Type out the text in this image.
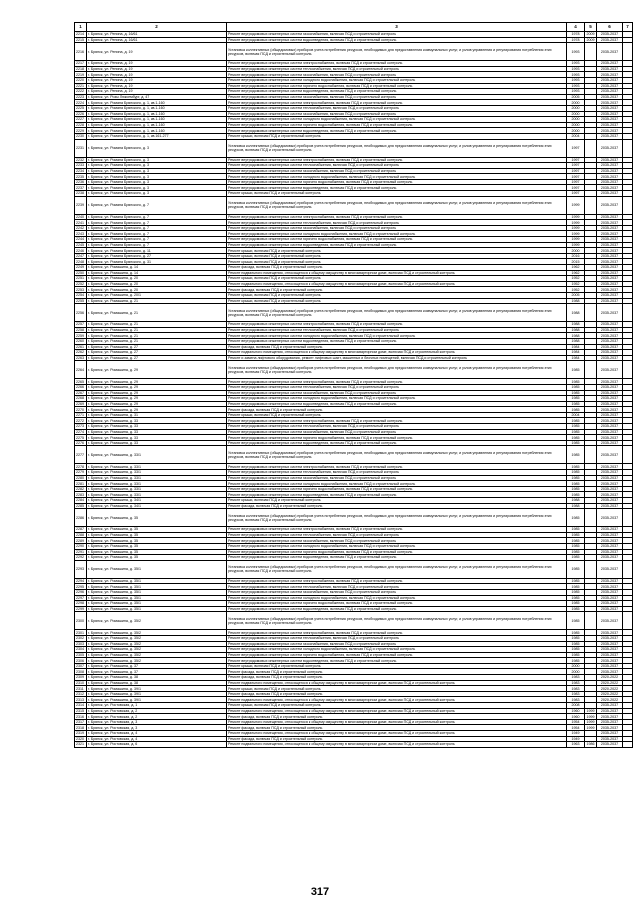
1	2	3	4	5	6	7
2214	г. Брянск, ул. Репина, д. 16/61	Ремонт внутридомовых инженерных систем газоснабжения, включая ПСД и строительный контроль	1978	2009	2035-2037	
2215	г. Брянск, ул. Репина, д. 16/61	Ремонт внутридомовых инженерных систем водоотведения, включая ПСД и строительный контроль	1978	2009	2035-2037	
2216	г. Брянск, ул. Репина, д. 19	Установка коллективных (общедомовых) приборов учета потребления ресурсов, необходимых для предоставления коммунальных услуг, и узлов управления и регулирования потребления этих ресурсов, включая ПСД и строительный контроль	1993		2035-2037	
2217	г. Брянск, ул. Репина, д. 19	Ремонт внутридомовых инженерных систем электроснабжения, включая ПСД и строительный контроль	1993		2035-2037	
2218	г. Брянск, ул. Репина, д. 19	Ремонт внутридомовых инженерных систем теплоснабжения, включая ПСД и строительный контроль	1993		2035-2037	
2219	г. Брянск, ул. Репина, д. 19	Ремонт внутридомовых инженерных систем газоснабжения, включая ПСД и строительный контроль	1993		2035-2037	
2220	г. Брянск, ул. Репина, д. 19	Ремонт внутридомовых инженерных систем холодного водоснабжения, включая ПСД и строительный контроль	1993		2035-2037	
2221	г. Брянск, ул. Репина, д. 19	Ремонт внутридомовых инженерных систем горячего водоснабжения, включая ПСД и строительный контроль	1993		2035-2037	
2222	г. Брянск, ул. Репина, д. 19	Ремонт внутридомовых инженерных систем водоотведения, включая ПСД и строительный контроль	1993		2035-2037	
2223	г. Брянск, ул. Розы Люксембург, д. 47	Ремонт внутридомовых инженерных систем газоснабжения, включая ПСД и строительный контроль	2005		2035-2037	
2224	г. Брянск, ул. Романа Брянского, д. 1, кв.1-160	Ремонт внутридомовых инженерных систем электроснабжения, включая ПСД и строительный контроль	2000		2035-2037	
2225	г. Брянск, ул. Романа Брянского, д. 1, кв.1-160	Ремонт внутридомовых инженерных систем теплоснабжения, включая ПСД и строительный контроль	2000		2035-2037	
2226	г. Брянск, ул. Романа Брянского, д. 1, кв.1-160	Ремонт внутридомовых инженерных систем газоснабжения, включая ПСД и строительный контроль	2000		2035-2037	
2227	г. Брянск, ул. Романа Брянского, д. 1, кв.1-160	Ремонт внутридомовых инженерных систем холодного водоснабжения, включая ПСД и строительный контроль	2000		2035-2037	
2228	г. Брянск, ул. Романа Брянского, д. 1, кв.1-160	Ремонт внутридомовых инженерных систем горячего водоснабжения, включая ПСД и строительный контроль	2000		2035-2037	
2229	г. Брянск, ул. Романа Брянского, д. 1, кв.1-160	Ремонт внутридомовых инженерных систем водоотведения, включая ПСД и строительный контроль	2000		2035-2037	
2230	г. Брянск, ул. Романа Брянского, д. 1, кв.161-277	Ремонт крыши, включая ПСД и строительный контроль	2004		2035-2037	
2231	г. Брянск, ул. Романа Брянского, д. 3	Установка коллективных (общедомовых) приборов учета потребления ресурсов, необходимых для предоставления коммунальных услуг, и узлов управления и регулирования потребления этих ресурсов, включая ПСД и строительный контроль	1997		2035-2037	
2232	г. Брянск, ул. Романа Брянского, д. 3	Ремонт внутридомовых инженерных систем электроснабжения, включая ПСД и строительный контроль	1997		2035-2037	
2233	г. Брянск, ул. Романа Брянского, д. 3	Ремонт внутридомовых инженерных систем теплоснабжения, включая ПСД и строительный контроль	1997		2035-2037	
2234	г. Брянск, ул. Романа Брянского, д. 3	Ремонт внутридомовых инженерных систем газоснабжения, включая ПСД и строительный контроль	1997		2035-2037	
2235	г. Брянск, ул. Романа Брянского, д. 3	Ремонт внутридомовых инженерных систем холодного водоснабжения, включая ПСД и строительный контроль	1997		2035-2037	
2236	г. Брянск, ул. Романа Брянского, д. 3	Ремонт внутридомовых инженерных систем горячего водоснабжения, включая ПСД и строительный контроль	1997		2035-2037	
2237	г. Брянск, ул. Романа Брянского, д. 3	Ремонт внутридомовых инженерных систем водоотведения, включая ПСД и строительный контроль	1997		2035-2037	
2238	г. Брянск, ул. Романа Брянского, д. 3	Ремонт крыши, включая ПСД и строительный контроль	1997		2035-2037	
2239	г. Брянск, ул. Романа Брянского, д. 7	Установка коллективных (общедомовых) приборов учета потребления ресурсов, необходимых для предоставления коммунальных услуг, и узлов управления и регулирования потребления этих ресурсов, включая ПСД и строительный контроль	1999		2035-2037	
2240	г. Брянск, ул. Романа Брянского, д. 7	Ремонт внутридомовых инженерных систем электроснабжения, включая ПСД и строительный контроль	1999		2035-2037	
2241	г. Брянск, ул. Романа Брянского, д. 7	Ремонт внутридомовых инженерных систем теплоснабжения, включая ПСД и строительный контроль	1999		2035-2037	
2242	г. Брянск, ул. Романа Брянского, д. 7	Ремонт внутридомовых инженерных систем газоснабжения, включая ПСД и строительный контроль	1999		2035-2037	
2243	г. Брянск, ул. Романа Брянского, д. 7	Ремонт внутридомовых инженерных систем холодного водоснабжения, включая ПСД и строительный контроль	1999		2035-2037	
2244	г. Брянск, ул. Романа Брянского, д. 7	Ремонт внутридомовых инженерных систем горячего водоснабжения, включая ПСД и строительный контроль	1999		2035-2037	
2245	г. Брянск, ул. Романа Брянского, д. 7	Ремонт внутридомовых инженерных систем водоотведения, включая ПСД и строительный контроль	1999		2035-2037	
2246	г. Брянск, ул. Романа Брянского, д. 11	Ремонт крыши, включая ПСД и строительный контроль	2000		2035-2037	
2247	г. Брянск, ул. Романа Брянского, д. 27	Ремонт крыши, включая ПСД и строительный контроль	2016		2035-2037	
2248	г. Брянск, ул. Романа Брянского, д. 31	Ремонт крыши, включая ПСД и строительный контроль	2015		2035-2037	
2249	г. Брянск, ул. Ромашина, д. 14	Ремонт фасада, включая ПСД и строительный контроль	1962		2035-2037	
2250	г. Брянск, ул. Ромашина, д. 14	Ремонт подвального помещения, относящегося к общему имуществу в многоквартирном доме, включая ПСД и строительный контроль	1962		2035-2037	
2251	г. Брянск, ул. Ромашина, д. 20	Ремонт крыши, включая ПСД и строительный контроль	1952		2035-2037	
2252	г. Брянск, ул. Ромашина, д. 20	Ремонт подвального помещения, относящегося к общему имуществу в многоквартирном доме, включая ПСД и строительный контроль	1952		2035-2037	
2253	г. Брянск, ул. Ромашина, д. 20	Ремонт фасада, включая ПСД и строительный контроль	1952		2035-2037	
2254	г. Брянск, ул. Ромашина, д. 20/1	Ремонт крыши, включая ПСД и строительный контроль	2005		2035-2037	
2255	г. Брянск, ул. Ромашина, д. 21	Ремонт крыши, включая ПСД и строительный контроль	1988		2035-2037	
2256	г. Брянск, ул. Ромашина, д. 21	Установка коллективных (общедомовых) приборов учета потребления ресурсов, необходимых для предоставления коммунальных услуг, и узлов управления и регулирования потребления этих ресурсов, включая ПСД и строительный контроль	1988		2035-2037	
2257	г. Брянск, ул. Ромашина, д. 21	Ремонт внутридомовых инженерных систем электроснабжения, включая ПСД и строительный контроль	1988		2035-2037	
2258	г. Брянск, ул. Ромашина, д. 21	Ремонт внутридомовых инженерных систем теплоснабжения, включая ПСД и строительный контроль	1988		2035-2037	
2259	г. Брянск, ул. Ромашина, д. 21	Ремонт внутридомовых инженерных систем холодного водоснабжения, включая ПСД и строительный контроль	1988		2035-2037	
2260	г. Брянск, ул. Ромашина, д. 21	Ремонт внутридомовых инженерных систем водоотведения, включая ПСД и строительный контроль	1988		2035-2037	
2261	г. Брянск, ул. Ромашина, д. 27	Ремонт фасада, включая ПСД и строительный контроль	1984		2035-2037	
2262	г. Брянск, ул. Ромашина, д. 27	Ремонт подвального помещения, относящегося к общему имуществу в многоквартирном доме, включая ПСД и строительный контроль	1984		2035-2037	
2263	г. Брянск, ул. Ромашина, д. 27	Ремонт и замена лифтового оборудования, ремонт лифтовых шахт, машинных и блочных помещений, включая ПСД и строительный контроль	1984		2035-2037	
2264	г. Брянск, ул. Ромашина, д. 29	Установка коллективных (общедомовых) приборов учета потребления ресурсов, необходимых для предоставления коммунальных услуг, и узлов управления и регулирования потребления этих ресурсов, включая ПСД и строительный контроль	1985		2035-2037	
2265	г. Брянск, ул. Ромашина, д. 29	Ремонт внутридомовых инженерных систем электроснабжения, включая ПСД и строительный контроль	1985		2035-2037	
2266	г. Брянск, ул. Ромашина, д. 29	Ремонт внутридомовых инженерных систем теплоснабжения, включая ПСД и строительный контроль	1985		2035-2037	
2267	г. Брянск, ул. Ромашина, д. 29	Ремонт внутридомовых инженерных систем газоснабжения, включая ПСД и строительный контроль	1985		2035-2037	
2268	г. Брянск, ул. Ромашина, д. 29	Ремонт внутридомовых инженерных систем холодного водоснабжения, включая ПСД и строительный контроль	1985		2035-2037	
2269	г. Брянск, ул. Ромашина, д. 29	Ремонт внутридомовых инженерных систем водоотведения, включая ПСД и строительный контроль	1985		2035-2037	
2270	г. Брянск, ул. Ромашина, д. 29	Ремонт фасада, включая ПСД и строительный контроль	1985		2035-2037	
2271	г. Брянск, ул. Ромашина, д. 31	Ремонт крыши, включая ПСД и строительный контроль	2004		2035-2037	
2272	г. Брянск, ул. Ромашина, д. 33	Ремонт внутридомовых инженерных систем электроснабжения, включая ПСД и строительный контроль	1985		2035-2037	
2273	г. Брянск, ул. Ромашина, д. 33	Ремонт внутридомовых инженерных систем теплоснабжения, включая ПСД и строительный контроль	1985		2035-2037	
2274	г. Брянск, ул. Ромашина, д. 33	Ремонт внутридомовых инженерных систем газоснабжения, включая ПСД и строительный контроль	1985		2035-2037	
2275	г. Брянск, ул. Ромашина, д. 33	Ремонт внутридомовых инженерных систем горячего водоснабжения, включая ПСД и строительный контроль	1985		2035-2037	
2276	г. Брянск, ул. Ромашина, д. 33	Ремонт внутридомовых инженерных систем водоотведения, включая ПСД и строительный контроль	1985		2035-2037	
2277	г. Брянск, ул. Ромашина, д. 33/1	Установка коллективных (общедомовых) приборов учета потребления ресурсов, необходимых для предоставления коммунальных услуг, и узлов управления и регулирования потребления этих ресурсов, включая ПСД и строительный контроль	1985		2035-2037	
2278	г. Брянск, ул. Ромашина, д. 33/1	Ремонт внутридомовых инженерных систем электроснабжения, включая ПСД и строительный контроль	1985		2035-2037	
2279	г. Брянск, ул. Ромашина, д. 33/1	Ремонт внутридомовых инженерных систем теплоснабжения, включая ПСД и строительный контроль	1985		2035-2037	
2280	г. Брянск, ул. Ромашина, д. 33/1	Ремонт внутридомовых инженерных систем газоснабжения, включая ПСД и строительный контроль	1985		2035-2037	
2281	г. Брянск, ул. Ромашина, д. 33/1	Ремонт внутридомовых инженерных систем холодного водоснабжения, включая ПСД и строительный контроль	1985		2035-2037	
2282	г. Брянск, ул. Ромашина, д. 33/1	Ремонт внутридомовых инженерных систем горячего водоснабжения, включая ПСД и строительный контроль	1985		2035-2037	
2283	г. Брянск, ул. Ромашина, д. 33/1	Ремонт внутридомовых инженерных систем водоотведения, включая ПСД и строительный контроль	1985		2035-2037	
2284	г. Брянск, ул. Ромашина, д. 34/1	Ремонт крыши, включая ПСД и строительный контроль	1988		2035-2037	
2285	г. Брянск, ул. Ромашина, д. 34/1	Ремонт фасада, включая ПСД и строительный контроль	1988		2035-2037	
2286	г. Брянск, ул. Ромашина, д. 35	Установка коллективных (общедомовых) приборов учета потребления ресурсов, необходимых для предоставления коммунальных услуг, и узлов управления и регулирования потребления этих ресурсов, включая ПСД и строительный контроль	1985		2035-2037	
2287	г. Брянск, ул. Ромашина, д. 35	Ремонт внутридомовых инженерных систем электроснабжения, включая ПСД и строительный контроль	1985		2035-2037	
2288	г. Брянск, ул. Ромашина, д. 35	Ремонт внутридомовых инженерных систем теплоснабжения, включая ПСД и строительный контроль	1985		2035-2037	
2289	г. Брянск, ул. Ромашина, д. 35	Ремонт внутридомовых инженерных систем газоснабжения, включая ПСД и строительный контроль	1985		2035-2037	
2290	г. Брянск, ул. Ромашина, д. 35	Ремонт внутридомовых инженерных систем холодного водоснабжения, включая ПСД и строительный контроль	1985		2035-2037	
2291	г. Брянск, ул. Ромашина, д. 35	Ремонт внутридомовых инженерных систем горячего водоснабжения, включая ПСД и строительный контроль	1985		2035-2037	
2292	г. Брянск, ул. Ромашина, д. 35	Ремонт внутридомовых инженерных систем водоотведения, включая ПСД и строительный контроль	1985		2035-2037	
2293	г. Брянск, ул. Ромашина, д. 35/1	Установка коллективных (общедомовых) приборов учета потребления ресурсов, необходимых для предоставления коммунальных услуг, и узлов управления и регулирования потребления этих ресурсов, включая ПСД и строительный контроль	1985		2035-2037	
2294	г. Брянск, ул. Ромашина, д. 35/1	Ремонт внутридомовых инженерных систем электроснабжения, включая ПСД и строительный контроль	1985		2035-2037	
2295	г. Брянск, ул. Ромашина, д. 35/1	Ремонт внутридомовых инженерных систем теплоснабжения, включая ПСД и строительный контроль	1985		2035-2037	
2296	г. Брянск, ул. Ромашина, д. 35/1	Ремонт внутридомовых инженерных систем газоснабжения, включая ПСД и строительный контроль	1985		2035-2037	
2297	г. Брянск, ул. Ромашина, д. 35/1	Ремонт внутридомовых инженерных систем холодного водоснабжения, включая ПСД и строительный контроль	1985		2035-2037	
2298	г. Брянск, ул. Ромашина, д. 35/1	Ремонт внутридомовых инженерных систем горячего водоснабжения, включая ПСД и строительный контроль	1985		2035-2037	
2299	г. Брянск, ул. Ромашина, д. 35/1	Ремонт внутридомовых инженерных систем водоотведения, включая ПСД и строительный контроль	1985		2035-2037	
2300	г. Брянск, ул. Ромашина, д. 35/2	Установка коллективных (общедомовых) приборов учета потребления ресурсов, необходимых для предоставления коммунальных услуг, и узлов управления и регулирования потребления этих ресурсов, включая ПСД и строительный контроль	1985		2035-2037	
2301	г. Брянск, ул. Ромашина, д. 35/2	Ремонт внутридомовых инженерных систем электроснабжения, включая ПСД и строительный контроль	1985		2035-2037	
2302	г. Брянск, ул. Ромашина, д. 35/2	Ремонт внутридомовых инженерных систем теплоснабжения, включая ПСД и строительный контроль	1985		2035-2037	
2303	г. Брянск, ул. Ромашина, д. 35/2	Ремонт внутридомовых инженерных систем газоснабжения, включая ПСД и строительный контроль	1985		2035-2037	
2304	г. Брянск, ул. Ромашина, д. 35/2	Ремонт внутридомовых инженерных систем холодного водоснабжения, включая ПСД и строительный контроль	1985		2035-2037	
2305	г. Брянск, ул. Ромашина, д. 35/2	Ремонт внутридомовых инженерных систем горячего водоснабжения, включая ПСД и строительный контроль	1985		2035-2037	
2306	г. Брянск, ул. Ромашина, д. 35/2	Ремонт внутридомовых инженерных систем водоотведения, включая ПСД и строительный контроль	1985		2035-2037	
2307	г. Брянск, ул. Ромашина, д. 37	Ремонт крыши, включая ПСД и строительный контроль	2000		2035-2037	
2308	г. Брянск, ул. Ромашина, д. 37	Ремонт фасада, включая ПСД и строительный контроль	2000		2035-2037	
2309	г. Брянск, ул. Ромашина, д. 38	Ремонт фасада, включая ПСД и строительный контроль	1983		2020-2022	
2310	г. Брянск, ул. Ромашина, д. 38	Ремонт подвального помещения, относящегося к общему имуществу в многоквартирном доме, включая ПСД и строительный контроль	1983		2020-2022	
2311	г. Брянск, ул. Ромашина, д. 39/1	Ремонт крыши, включая ПСД и строительный контроль	1983		2020-2022	
2312	г. Брянск, ул. Ромашина, д. 39/1	Ремонт фасада, включая ПСД и строительный контроль	1983		2020-2022	
2313	г. Брянск, ул. Ромашина, д. 39/1	Ремонт подвального помещения, относящегося к общему имуществу в многоквартирном доме, включая ПСД и строительный контроль	1983		2020-2022	
2314	г. Брянск, ул. Ростовская, д. 1	Ремонт крыши, включая ПСД и строительный контроль	2008		2035-2037	
2315	г. Брянск, ул. Ростовская, д. 2	Ремонт подвального помещения, относящегося к общему имуществу в многоквартирном доме, включая ПСД и строительный контроль	1960	1999	2035-2037	
2316	г. Брянск, ул. Ростовская, д. 2	Ремонт фасада, включая ПСД и строительный контроль	1960	1999	2035-2037	
2317	г. Брянск, ул. Ростовская, д. 3	Ремонт подвального помещения, относящегося к общему имуществу в многоквартирном доме, включая ПСД и строительный контроль	1954	1999	2035-2037	
2318	г. Брянск, ул. Ростовская, д. 3	Ремонт фасада, включая ПСД и строительный контроль	1954	1999	2035-2037	
2319	г. Брянск, ул. Ростовская, д. 4	Ремонт подвального помещения, относящегося к общему имуществу в многоквартирном доме, включая ПСД и строительный контроль	1949		2035-2037	
2320	г. Брянск, ул. Ростовская, д. 4	Ремонт фасада, включая ПСД и строительный контроль	1949		2035-2037	
2321	г. Брянск, ул. Ростовская, д. 6	Ремонт подвального помещения, относящегося к общему имуществу в многоквартирном доме, включая ПСД и строительный контроль	1963	1986	2035-2037	
317
